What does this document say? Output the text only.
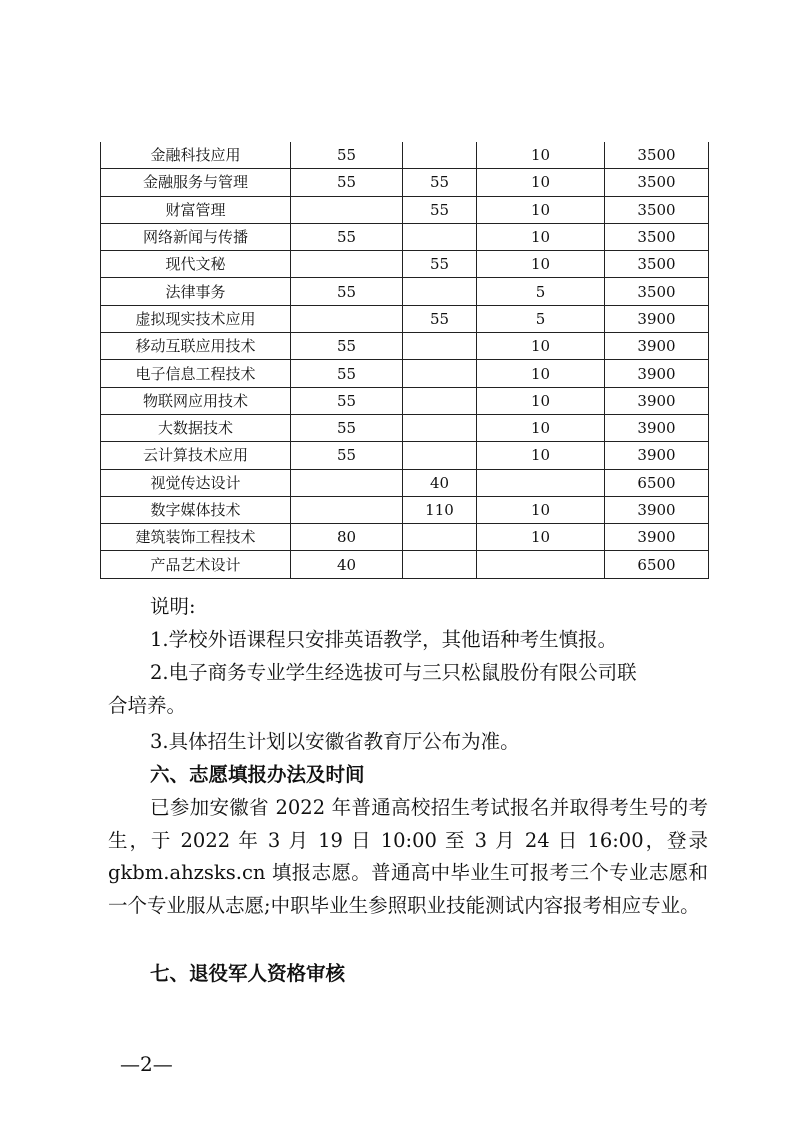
金融科技应用	55		10	3500
金融服务与管理	55	55	10	3500
财富管理		55	10	3500
网络新闻与传播	55		10	3500
现代文秘		55	10	3500
法律事务	55		5	3500
虚拟现实技术应用		55	5	3900
移动互联应用技术	55		10	3900
电子信息工程技术	55		10	3900
物联网应用技术	55		10	3900
大数据技术	55		10	3900
云计算技术应用	55		10	3900
视觉传达设计		40		6500
数字媒体技术		110	10	3900
建筑装饰工程技术	80		10	3900
产品艺术设计	40			6500
说明:
1.学校外语课程只安排英语教学，其他语种考生慎报。
2.电子商务专业学生经选拔可与三只松鼠股份有限公司联
合培养。
3.具体招生计划以安徽省教育厅公布为准。
六、志愿填报办法及时间
已参加安徽省 2022 年普通高校招生考试报名并取得考生号的考生，于 2022 年 3 月 19 日 10:00 至 3 月 24 日 16:00，登录gkbm.ahzsks.cn 填报志愿。普通高中毕业生可报考三个专业志愿和一个专业服从志愿;中职毕业生参照职业技能测试内容报考相应专业。
七、退役军人资格审核
—2—
